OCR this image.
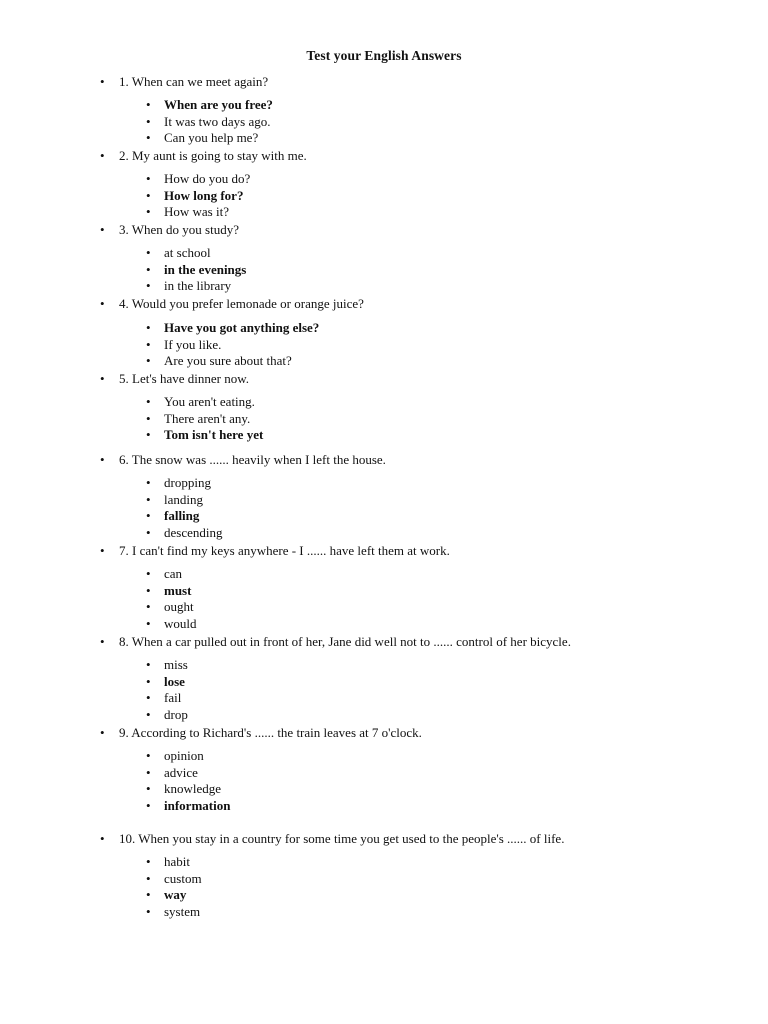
Test your English Answers
• 1. When can we meet again?
• When are you free?
• It was two days ago.
• Can you help me?
• 2. My aunt is going to stay with me.
• How do you do?
• How long for?
• How was it?
• 3. When do you study?
• at school
• in the evenings
• in the library
• 4. Would you prefer lemonade or orange juice?
• Have you got anything else?
• If you like.
• Are you sure about that?
• 5. Let's have dinner now.
• You aren't eating.
• There aren't any.
• Tom isn't here yet
• 6. The snow was ...... heavily when I left the house.
• dropping
• landing
• falling
• descending
• 7. I can't find my keys anywhere - I ...... have left them at work.
• can
• must
• ought
• would
• 8. When a car pulled out in front of her, Jane did well not to ...... control of her bicycle.
• miss
• lose
• fail
• drop
• 9. According to Richard's ...... the train leaves at 7 o'clock.
• opinion
• advice
• knowledge
• information
• 10. When you stay in a country for some time you get used to the people's ...... of life.
• habit
• custom
• way
• system
